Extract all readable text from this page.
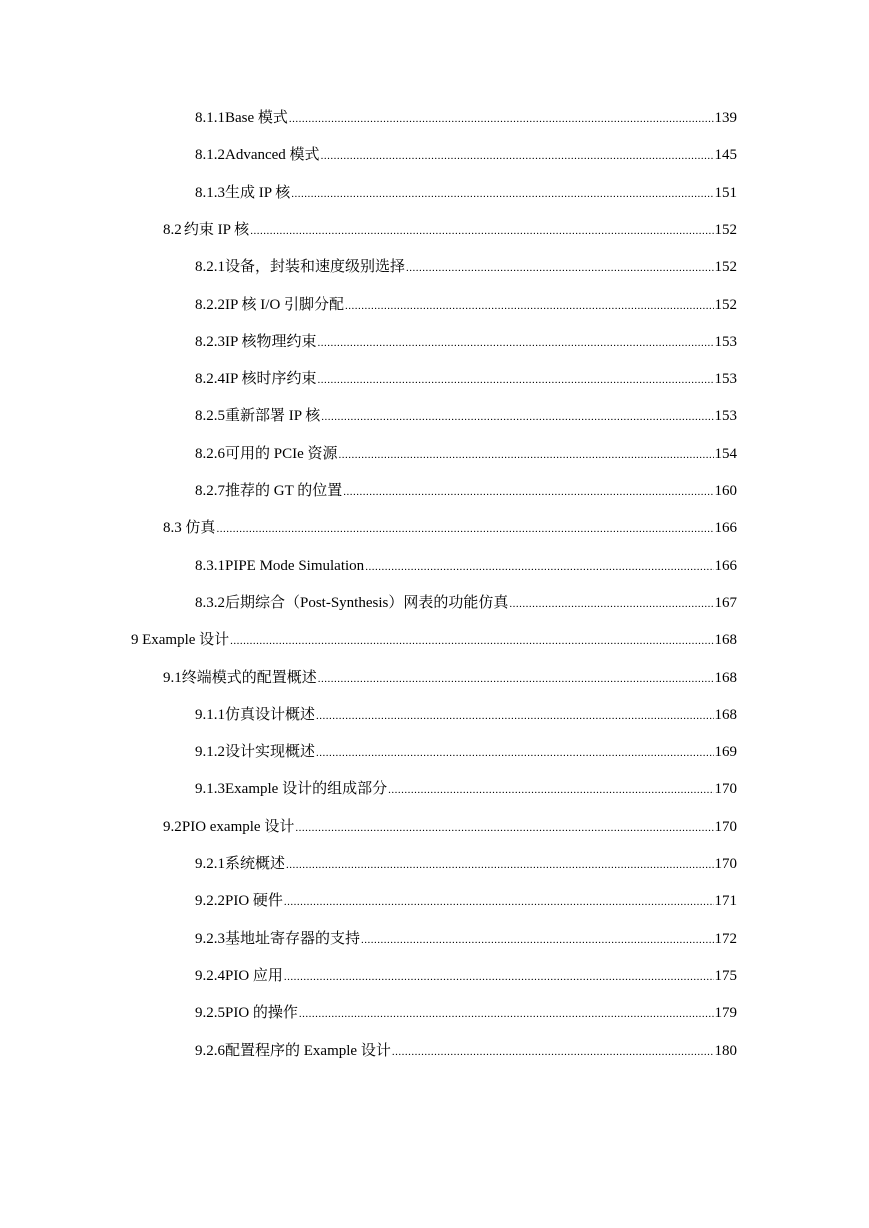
8.1.1 Base 模式 .....	139
8.1.2 Advanced 模式 .....	145
8.1.3 生成 IP 核 .....	151
8.2 约束 IP 核 .....	152
8.2.1 设备，封装和速度级别选择 .....	152
8.2.2 IP 核 I/O 引脚分配 .....	152
8.2.3 IP 核物理约束 .....	153
8.2.4 IP 核时序约束 .....	153
8.2.5 重新部署 IP 核 .....	153
8.2.6 可用的 PCIe 资源 .....	154
8.2.7 推荐的 GT 的位置 .....	160
8.3 仿真 .....	166
8.3.1 PIPE Mode Simulation .....	166
8.3.2 后期综合（Post-Synthesis）网表的功能仿真 .....	167
9 Example 设计 .....	168
9.1 终端模式的配置概述 .....	168
9.1.1 仿真设计概述 .....	168
9.1.2 设计实现概述 .....	169
9.1.3 Example 设计的组成部分 .....	170
9.2 PIO example 设计 .....	170
9.2.1 系统概述 .....	170
9.2.2 PIO 硬件 .....	171
9.2.3 基地址寄存器的支持 .....	172
9.2.4 PIO 应用 .....	175
9.2.5 PIO 的操作 .....	179
9.2.6 配置程序的 Example 设计 .....	180
